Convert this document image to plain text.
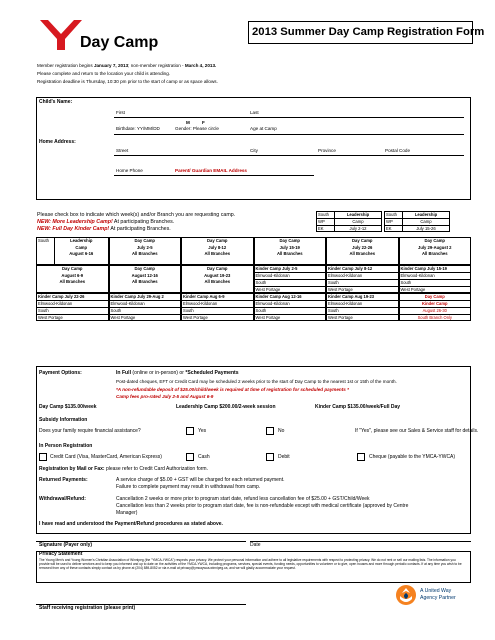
Day Camp
2013 Summer Day Camp Registration Form
Member registration begins January 7, 2013; non-member registration - March 4, 2013.
Please complete and return to the location your child is attending.
Registration deadline is Thursday, 10:30 pm prior to the start of camp or as space allows.
Child's Name:
First	Last
M	F
Birthdate: YY/MM/DD	Gender: Please circle	Age at Camp
Home Address:
Street	City	Province	Postal Code
Home Phone	Parent/ Guardian EMAIL Address
Please check box to indicate which week(s) and/or Branch you are requesting camp.
NEW: More Leadership Camp! At participating Branches.
NEW: Full Day Kinder Camp! At participating Branches.
South	Leadership
WP	Camp
EK	July 2-12
South	Leadership
WP	Camp
EK	July 15-26
South	Leadership
Camp
August 6-16
Day Camp
July 2-5
All Branches
Day Camp
July 8-12
All Branches
Day Camp
July 15-19
All Branches
Day Camp
July 22-26
All Branches
Day Camp
July 29-August 2
All Branches
Day Camp
August 6-9
All Branches
Day Camp
August 12-16
All Branches
Day Camp
August 19-23
All Branches
Kinder Camp July 2-5
Elmwood-Kildonan
South
West Portage
Kinder Camp July 8-12
Elmwood-Kildonan
South
West Portage
Kinder Camp July 15-19
Elmwood-Kildonan
South
West Portage
Kinder Camp July 22-26
Elmwood-Kildonan
South
West Portage
Kinder Camp July 29-Aug 2
Elmwood-Kildonan
South
West Portage
Kinder Camp Aug 6-9
Elmwood-Kildonan
South
West Portage
Kinder Camp Aug 12-16
Elmwood-Kildonan
South
West Portage
Kinder Camp Aug 19-23
Elmwood-Kildonan
South
West Portage
Day Camp
Kinder Camp
August 26-30
South Branch Only
Payment Options:	In Full (online or in-person) or *Scheduled Payments
Post-dated cheques, EFT or Credit Card may be scheduled 2 weeks prior to the start of Day Camp to the nearest 1st or 15th of the month.
*A non-refundable deposit of $25.00/child/week is required at time of registration for scheduled payments *
Camp fees pro-rated July 2-5 and August 6-9
Day Camp $135.00/week	Leadership Camp $200.00/2-week session	Kinder Camp $135.00/week/Full Day
Subsidy Information
Does your family require financial assistance?	Yes	No	If "Yes", please see our Sales & Service staff for details.
In Person Registration
Credit Card (Visa, MasterCard, American Express)	Cash	Debit	Cheque (payable to the YMCA-YWCA)
Registration by Mail or Fax: please refer to Credit Card Authorization form.
Returned Payments:	A service charge of $5.00 + GST will be charged for each returned payment.
Failure to complete payment may result in withdrawal from camp.
Withdrawal/Refund:	Cancellation 2 weeks or more prior to program start date, refund less cancellation fee of $25.00 + GST/Child/Week
Cancellation less than 2 weeks prior to program start date, fee is non-refundable except with medical certificate (approved by Centre
Manager)
I have read and understood the Payment/Refund procedures as stated above.
Signature (Payer only)	Date
Privacy Statement
The Young Men's and Young Women's Christian Association of Winnipeg (the "YMCA-YWCA") respects your privacy. We protect your personal information and adhere to all legislative requirements with respect to protecting privacy. We do not rent or sell our mailing lists. The information you provide will be used to deliver services and to keep you informed and up to date on the activities of the YMCA-YWCA, including programs, services, special events, funding needs, opportunities to volunteer or to give, open houses and more through periodic contacts. If at any time you wish to be removed from any of these contacts simply contact us by phone at (204) 889-8052 or via e-mail at privacy@ymcaywca.winnipeg.ca, and we will gladly accommodate your request.
Staff receiving registration (please print)
A United Way
Agency Partner
